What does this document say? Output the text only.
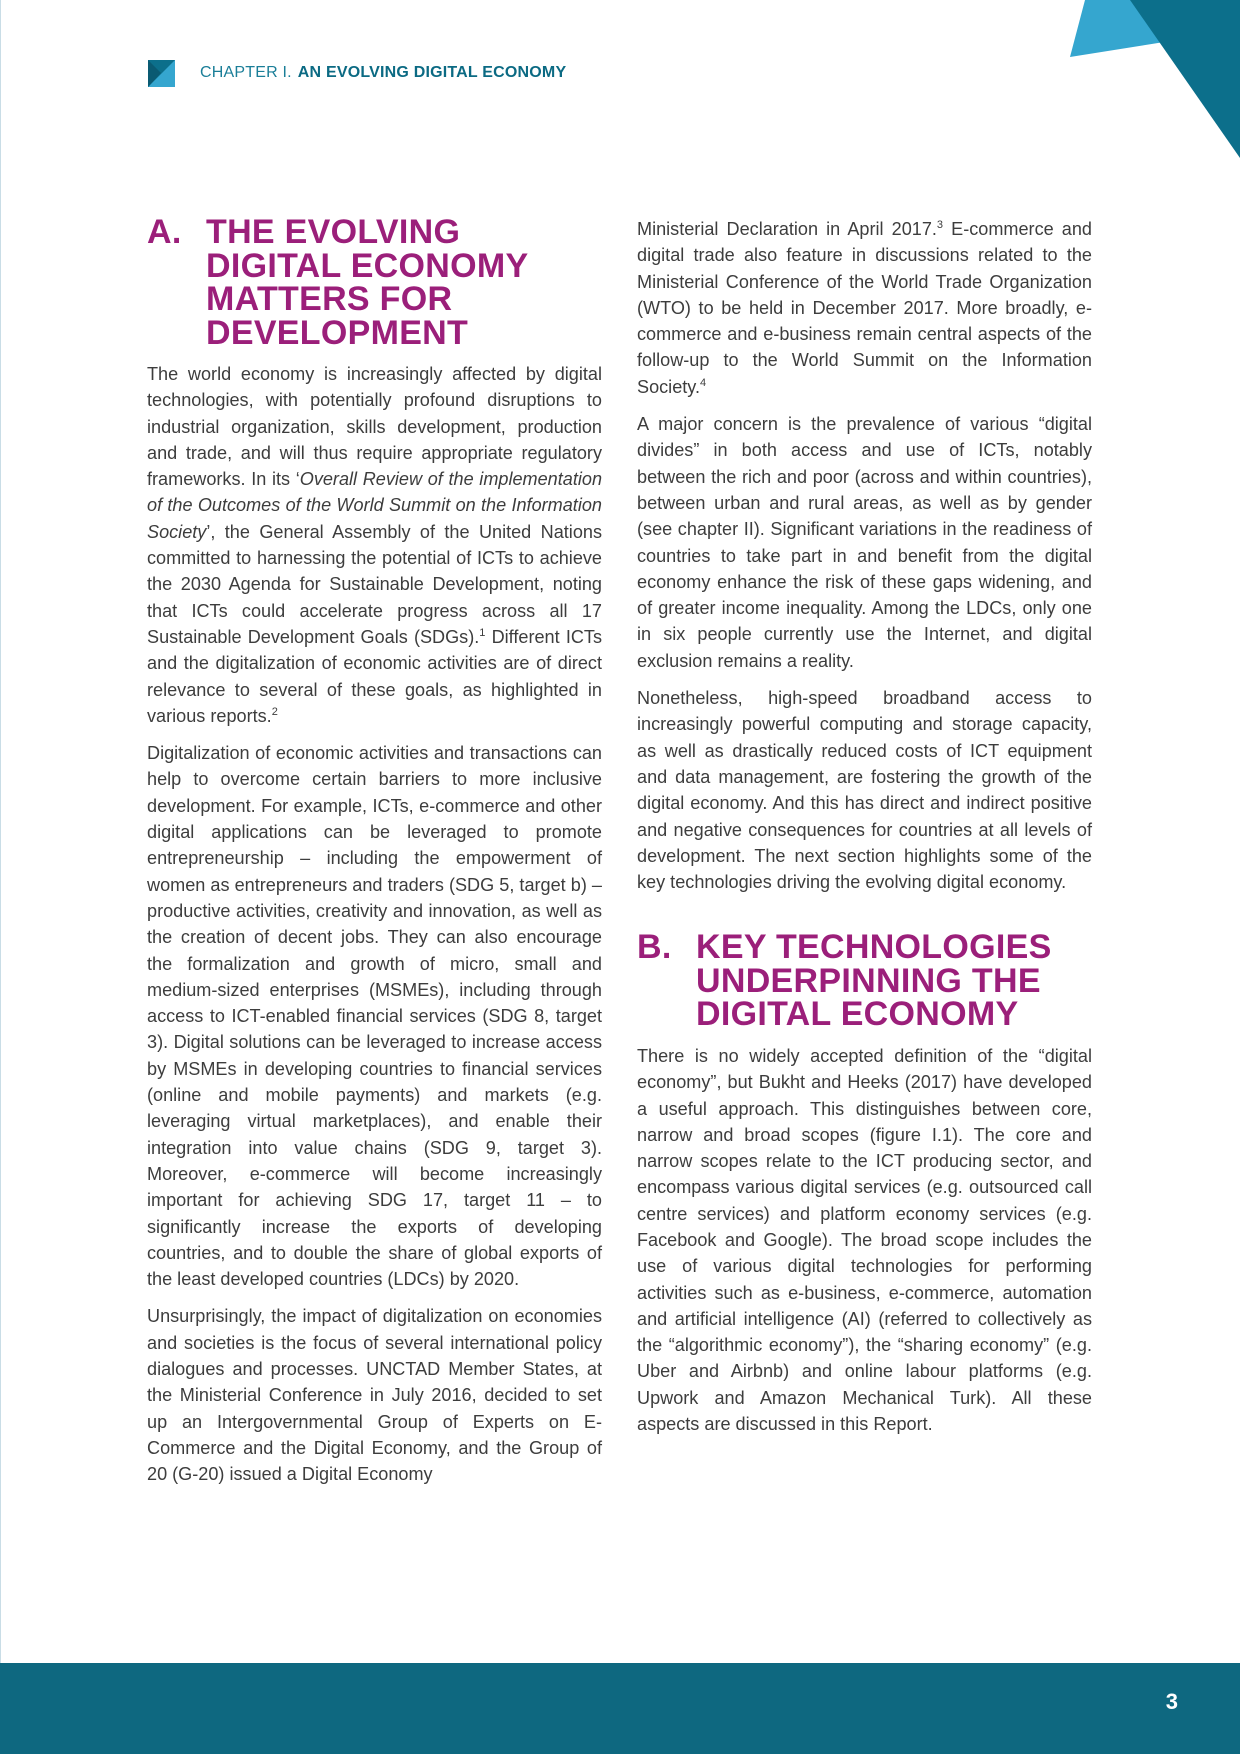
CHAPTER I. AN EVOLVING DIGITAL ECONOMY
A. THE EVOLVING DIGITAL ECONOMY MATTERS FOR DEVELOPMENT

The world economy is increasingly affected by digital technologies, with potentially profound disruptions to industrial organization, skills development, production and trade, and will thus require appropriate regulatory frameworks. In its ‘Overall Review of the implementation of the Outcomes of the World Summit on the Information Society’, the General Assembly of the United Nations committed to harnessing the potential of ICTs to achieve the 2030 Agenda for Sustainable Development, noting that ICTs could accelerate progress across all 17 Sustainable Development Goals (SDGs).$^1$ Different ICTs and the digitalization of economic activities are of direct relevance to several of these goals, as highlighted in various reports.$^2$

Digitalization of economic activities and transactions can help to overcome certain barriers to more inclusive development. For example, ICTs, e-commerce and other digital applications can be leveraged to promote entrepreneurship – including the empowerment of women as entrepreneurs and traders (SDG 5, target b) – productive activities, creativity and innovation, as well as the creation of decent jobs. They can also encourage the formalization and growth of micro, small and medium-sized enterprises (MSMEs), including through access to ICT-enabled financial services (SDG 8, target 3). Digital solutions can be leveraged to increase access by MSMEs in developing countries to financial services (online and mobile payments) and markets (e.g. leveraging virtual marketplaces), and enable their integration into value chains (SDG 9, target 3). Moreover, e-commerce will become increasingly important for achieving SDG 17, target 11 – to significantly increase the exports of developing countries, and to double the share of global exports of the least developed countries (LDCs) by 2020.

Unsurprisingly, the impact of digitalization on economies and societies is the focus of several international policy dialogues and processes. UNCTAD Member States, at the Ministerial Conference in July 2016, decided to set up an Intergovernmental Group of Experts on E-Commerce and the Digital Economy, and the Group of 20 (G-20) issued a Digital Economy

Ministerial Declaration in April 2017.$^3$ E-commerce and digital trade also feature in discussions related to the Ministerial Conference of the World Trade Organization (WTO) to be held in December 2017. More broadly, e-commerce and e-business remain central aspects of the follow-up to the World Summit on the Information Society.$^4$

A major concern is the prevalence of various “digital divides” in both access and use of ICTs, notably between the rich and poor (across and within countries), between urban and rural areas, as well as by gender (see chapter II). Significant variations in the readiness of countries to take part in and benefit from the digital economy enhance the risk of these gaps widening, and of greater income inequality. Among the LDCs, only one in six people currently use the Internet, and digital exclusion remains a reality.

Nonetheless, high-speed broadband access to increasingly powerful computing and storage capacity, as well as drastically reduced costs of ICT equipment and data management, are fostering the growth of the digital economy. And this has direct and indirect positive and negative consequences for countries at all levels of development. The next section highlights some of the key technologies driving the evolving digital economy.

B. KEY TECHNOLOGIES UNDERPINNING THE DIGITAL ECONOMY

There is no widely accepted definition of the “digital economy”, but Bukht and Heeks (2017) have developed a useful approach. This distinguishes between core, narrow and broad scopes (figure I.1). The core and narrow scopes relate to the ICT producing sector, and encompass various digital services (e.g. outsourced call centre services) and platform economy services (e.g. Facebook and Google). The broad scope includes the use of various digital technologies for performing activities such as e-business, e-commerce, automation and artificial intelligence (AI) (referred to collectively as the “algorithmic economy”), the “sharing economy” (e.g. Uber and Airbnb) and online labour platforms (e.g. Upwork and Amazon Mechanical Turk). All these aspects are discussed in this Report.

3
